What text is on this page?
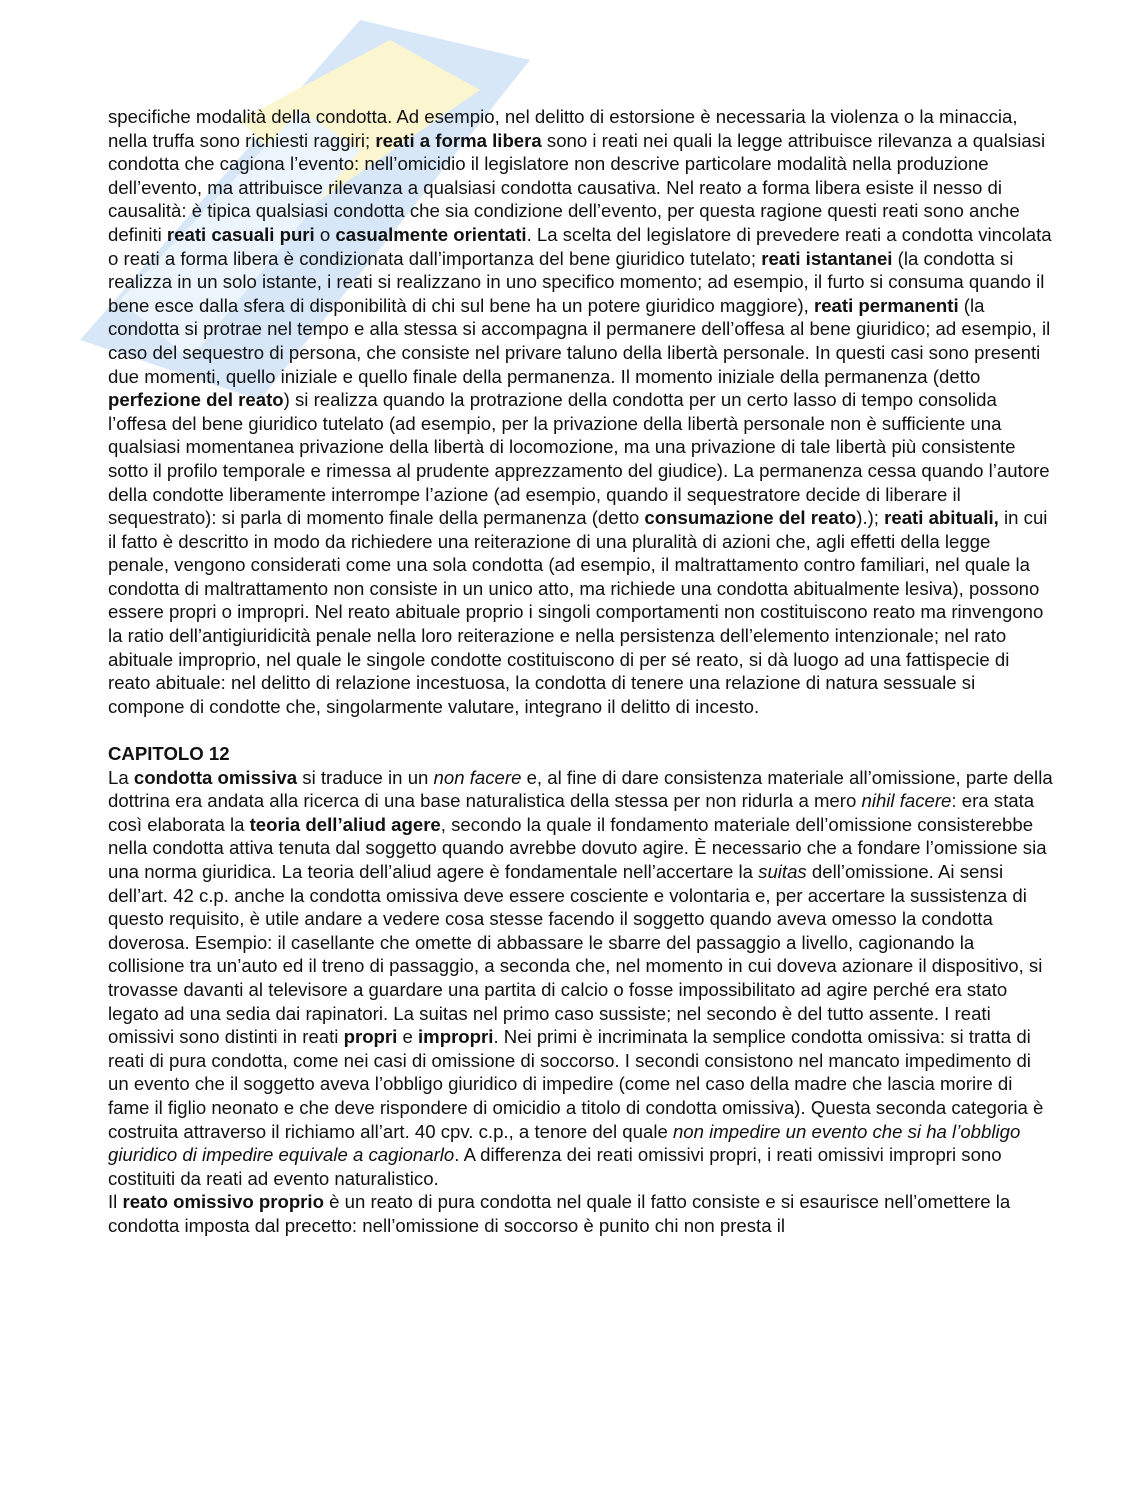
specifiche modalità della condotta. Ad esempio, nel delitto di estorsione è necessaria la violenza o la minaccia, nella truffa sono richiesti raggiri; reati a forma libera sono i reati nei quali la legge attribuisce rilevanza a qualsiasi condotta che cagiona l’evento: nell’omicidio il legislatore non descrive particolare modalità nella produzione dell’evento, ma attribuisce rilevanza a qualsiasi condotta causativa. Nel reato a forma libera esiste il nesso di causalità: è tipica qualsiasi condotta che sia condizione dell’evento, per questa ragione questi reati sono anche definiti reati casuali puri o casualmente orientati. La scelta del legislatore di prevedere reati a condotta vincolata o reati a forma libera è condizionata dall’importanza del bene giuridico tutelato; reati istantanei (la condotta si realizza in un solo istante, i reati si realizzano in uno specifico momento; ad esempio, il furto si consuma quando il bene esce dalla sfera di disponibilità di chi sul bene ha un potere giuridico maggiore), reati permanenti (la condotta si protrae nel tempo e alla stessa si accompagna il permanere dell’offesa al bene giuridico; ad esempio, il caso del sequestro di persona, che consiste nel privare taluno della libertà personale. In questi casi sono presenti due momenti, quello iniziale e quello finale della permanenza. Il momento iniziale della permanenza (detto perfezione del reato) si realizza quando la protrazione della condotta per un certo lasso di tempo consolida l’offesa del bene giuridico tutelato (ad esempio, per la privazione della libertà personale non è sufficiente una qualsiasi momentanea privazione della libertà di locomozione, ma una privazione di tale libertà più consistente sotto il profilo temporale e rimessa al prudente apprezzamento del giudice). La permanenza cessa quando l’autore della condotte liberamente interrompe l’azione (ad esempio, quando il sequestratore decide di liberare il sequestrato): si parla di momento finale della permanenza (detto consumazione del reato).); reati abituali, in cui il fatto è descritto in modo da richiedere una reiterazione di una pluralità di azioni che, agli effetti della legge penale, vengono considerati come una sola condotta (ad esempio, il maltrattamento contro familiari, nel quale la condotta di maltrattamento non consiste in un unico atto, ma richiede una condotta abitualmente lesiva), possono essere propri o impropri. Nel reato abituale proprio i singoli comportamenti non costituiscono reato ma rinvengono la ratio dell’antigiuridicità penale nella loro reiterazione e nella persistenza dell’elemento intenzionale; nel rato abituale improprio, nel quale le singole condotte costituiscono di per sé reato, si dà luogo ad una fattispecie di reato abituale: nel delitto di relazione incestuosa, la condotta di tenere una relazione di natura sessuale si compone di condotte che, singolarmente valutare, integrano il delitto di incesto.

CAPITOLO 12

La condotta omissiva si traduce in un non facere e, al fine di dare consistenza materiale all’omissione, parte della dottrina era andata alla ricerca di una base naturalistica della stessa per non ridurla a mero nihil facere: era stata così elaborata la teoria dell’aliud agere, secondo la quale il fondamento materiale dell’omissione consisterebbe nella condotta attiva tenuta dal soggetto quando avrebbe dovuto agire. È necessario che a fondare l’omissione sia una norma giuridica. La teoria dell’aliud agere è fondamentale nell’accertare la suitas dell’omissione. Ai sensi dell’art. 42 c.p. anche la condotta omissiva deve essere cosciente e volontaria e, per accertare la sussistenza di questo requisito, è utile andare a vedere cosa stesse facendo il soggetto quando aveva omesso la condotta doverosa. Esempio: il casellante che omette di abbassare le sbarre del passaggio a livello, cagionando la collisione tra un’auto ed il treno di passaggio, a seconda che, nel momento in cui doveva azionare il dispositivo, si trovasse davanti al televisore a guardare una partita di calcio o fosse impossibilitato ad agire perché era stato legato ad una sedia dai rapinatori. La suitas nel primo caso sussiste; nel secondo è del tutto assente. I reati omissivi sono distinti in reati propri e impropri. Nei primi è incriminata la semplice condotta omissiva: si tratta di reati di pura condotta, come nei casi di omissione di soccorso. I secondi consistono nel mancato impedimento di un evento che il soggetto aveva l’obbligo giuridico di impedire (come nel caso della madre che lascia morire di fame il figlio neonato e che deve rispondere di omicidio a titolo di condotta omissiva). Questa seconda categoria è costruita attraverso il richiamo all’art. 40 cpv. c.p., a tenore del quale non impedire un evento che si ha l’obbligo giuridico di impedire equivale a cagionarlo. A differenza dei reati omissivi propri, i reati omissivi impropri sono costituiti da reati ad evento naturalistico.

Il reato omissivo proprio è un reato di pura condotta nel quale il fatto consiste e si esaurisce nell’omettere la condotta imposta dal precetto: nell’omissione di soccorso è punito chi non presta il
